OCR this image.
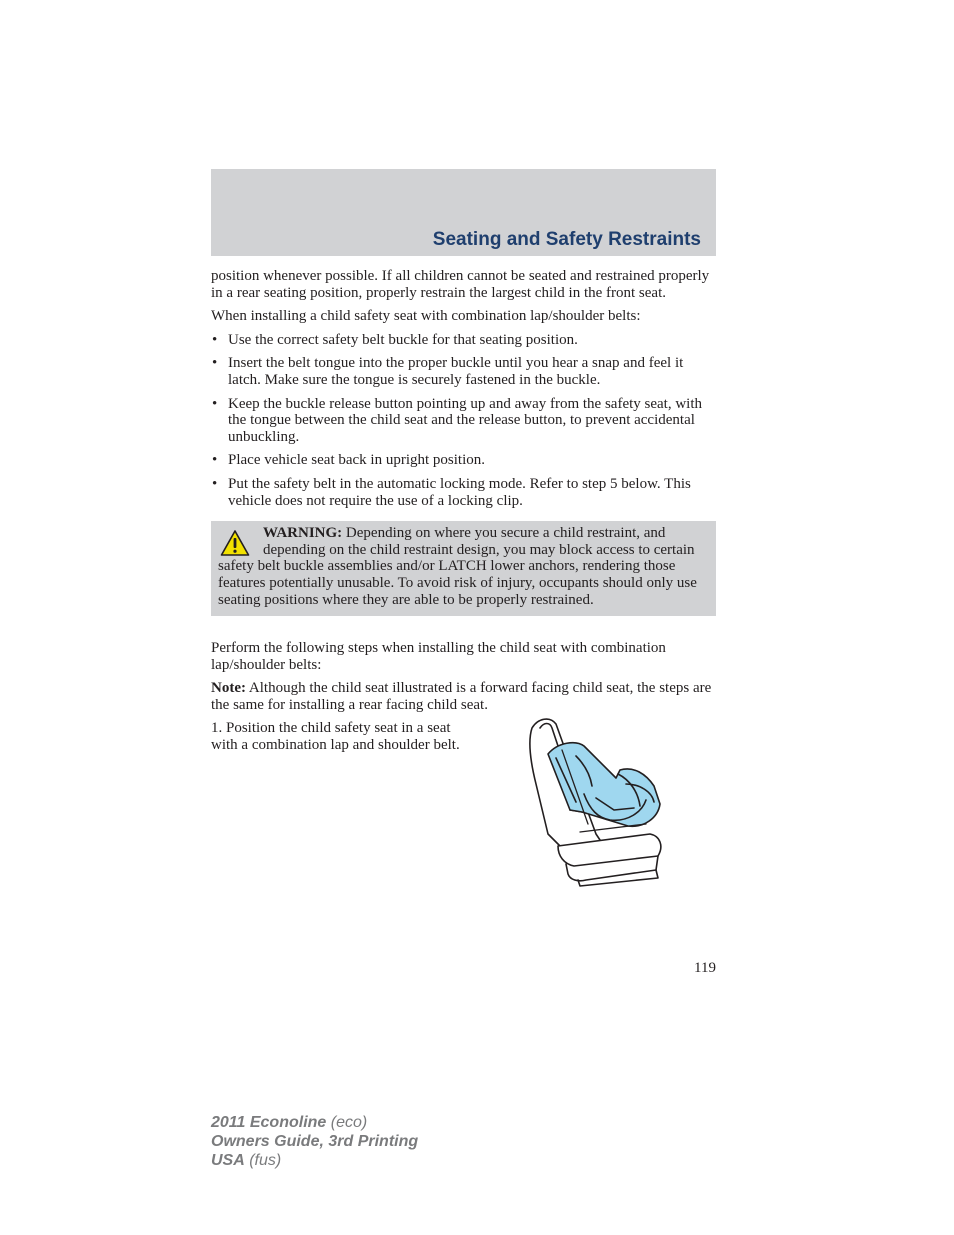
Seating and Safety Restraints

position whenever possible. If all children cannot be seated and restrained properly in a rear seating position, properly restrain the largest child in the front seat.

When installing a child safety seat with combination lap/shoulder belts:

• Use the correct safety belt buckle for that seating position.
• Insert the belt tongue into the proper buckle until you hear a snap and feel it latch. Make sure the tongue is securely fastened in the buckle.
• Keep the buckle release button pointing up and away from the safety seat, with the tongue between the child seat and the release button, to prevent accidental unbuckling.
• Place vehicle seat back in upright position.
• Put the safety belt in the automatic locking mode. Refer to step 5 below. This vehicle does not require the use of a locking clip.
WARNING: Depending on where you secure a child restraint, and depending on the child restraint design, you may block access to certain safety belt buckle assemblies and/or LATCH lower anchors, rendering those features potentially unusable. To avoid risk of injury, occupants should only use seating positions where they are able to be properly restrained.

Perform the following steps when installing the child seat with combination lap/shoulder belts:

Note: Although the child seat illustrated is a forward facing child seat, the steps are the same for installing a rear facing child seat.

1. Position the child safety seat in a seat with a combination lap and shoulder belt.

119
2011 Econoline (eco)
Owners Guide, 3rd Printing
USA (fus)
